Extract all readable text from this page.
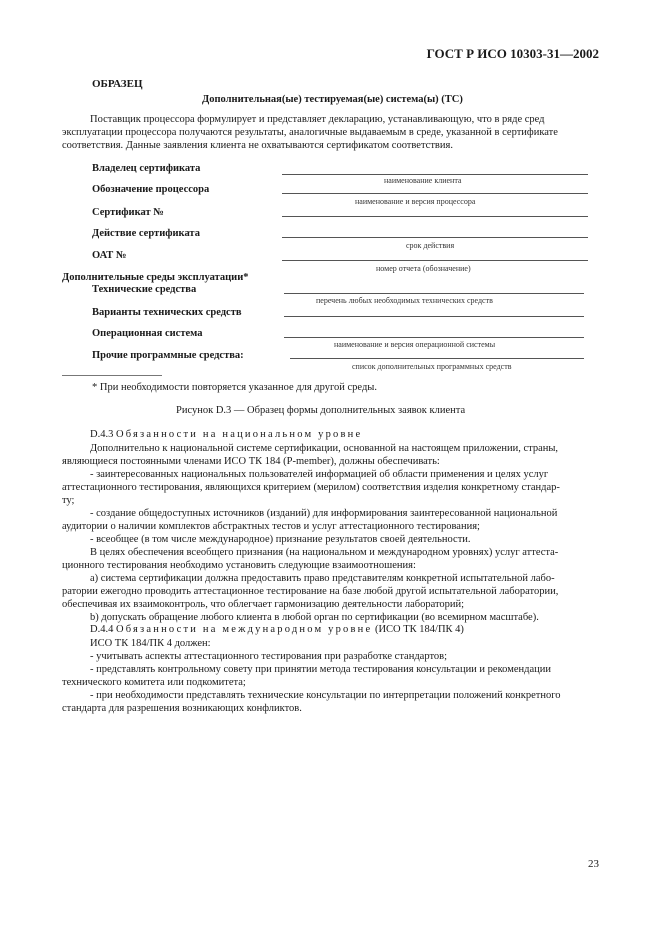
ГОСТ Р ИСО 10303-31—2002
ОБРАЗЕЦ
Дополнительная(ые) тестируемая(ые) система(ы) (ТС)
Поставщик процессора формулирует и представляет декларацию, устанавливающую, что в ряде сред
эксплуатации процессора получаются результаты, аналогичные выдаваемым в среде, указанной в сертификате
соответствия. Данные заявления клиента не охватываются сертификатом соответствия.
Владелец сертификата
наименование клиента
Обозначение процессора
наименование и версия процессора
Сертификат №
Действие сертификата
срок действия
ОАТ №
номер отчета (обозначение)
Дополнительные среды эксплуатации*
Технические средства
перечень любых необходимых технических средств
Варианты технических средств
Операционная система
наименование и версия операционной системы
Прочие программные средства:
список дополнительных программных средств
* При необходимости повторяется указанное для другой среды.
Рисунок D.3 — Образец формы дополнительных заявок клиента
D.4.3 Обязанности на национальном уровне
Дополнительно к национальной системе сертификации, основанной на настоящем приложении, страны,
являющиеся постоянными членами ИСО ТК 184 (P-member), должны обеспечивать:
- заинтересованных национальных пользователей информацией об области применения и целях услуг
аттестационного тестирования, являющихся критерием (мерилом) соответствия изделия конкретному стандар-
ту;
- создание общедоступных источников (изданий) для информирования заинтересованной национальной
аудитории о наличии комплектов абстрактных тестов и услуг аттестационного тестирования;
- всеобщее (в том числе международное) признание результатов своей деятельности.
В целях обеспечения всеобщего признания (на национальном и международном уровнях) услуг аттеста-
ционного тестирования необходимо установить следующие взаимоотношения:
а) система сертификации должна предоставить право представителям конкретной испытательной лабо-
ратории ежегодно проводить аттестационное тестирование на базе любой другой испытательной лаборатории,
обеспечивая их взаимоконтроль, что облегчает гармонизацию деятельности лабораторий;
b) допускать обращение любого клиента в любой орган по сертификации (во всемирном масштабе).
D.4.4 Обязанности на международном уровне (ИСО ТК 184/ПК 4)
ИСО ТК 184/ПК 4 должен:
- учитывать аспекты аттестационного тестирования при разработке стандартов;
- представлять контрольному совету при принятии метода тестирования консультации и рекомендации
технического комитета или подкомитета;
- при необходимости представлять технические консультации по интерпретации положений конкретного
стандарта для разрешения возникающих конфликтов.
23
